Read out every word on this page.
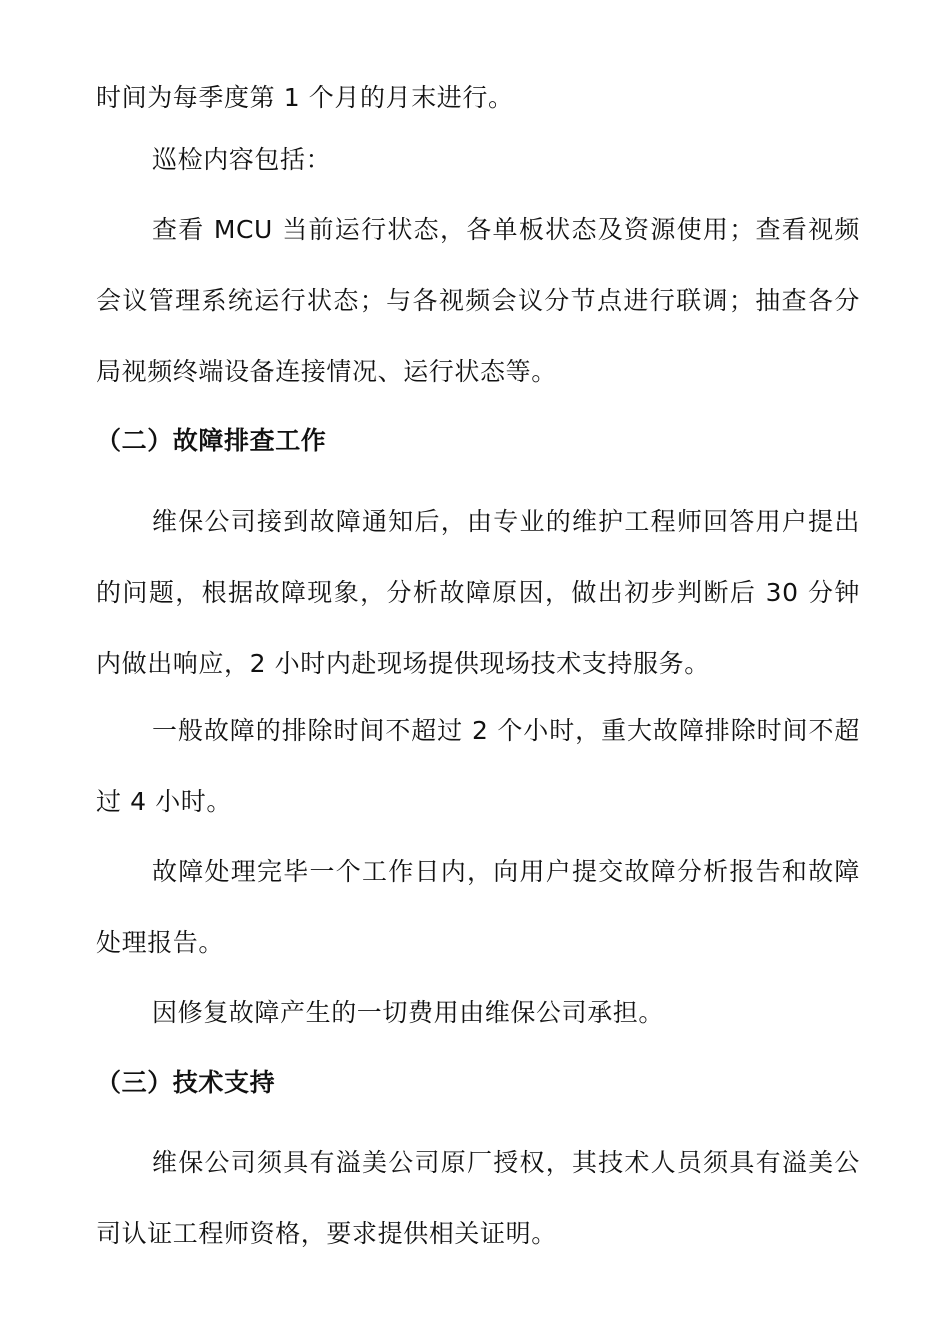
时间为每季度第 1 个月的月末进行。

巡检内容包括：

查看 MCU 当前运行状态，各单板状态及资源使用；查看视频会议管理系统运行状态；与各视频会议分节点进行联调；抽查各分局视频终端设备连接情况、运行状态等。

（二）故障排查工作

维保公司接到故障通知后，由专业的维护工程师回答用户提出的问题，根据故障现象，分析故障原因，做出初步判断后 30 分钟内做出响应，2 小时内赴现场提供现场技术支持服务。

一般故障的排除时间不超过 2 个小时，重大故障排除时间不超过 4 小时。

故障处理完毕一个工作日内，向用户提交故障分析报告和故障处理报告。

因修复故障产生的一切费用由维保公司承担。

（三）技术支持

维保公司须具有溢美公司原厂授权，其技术人员须具有溢美公司认证工程师资格，要求提供相关证明。
